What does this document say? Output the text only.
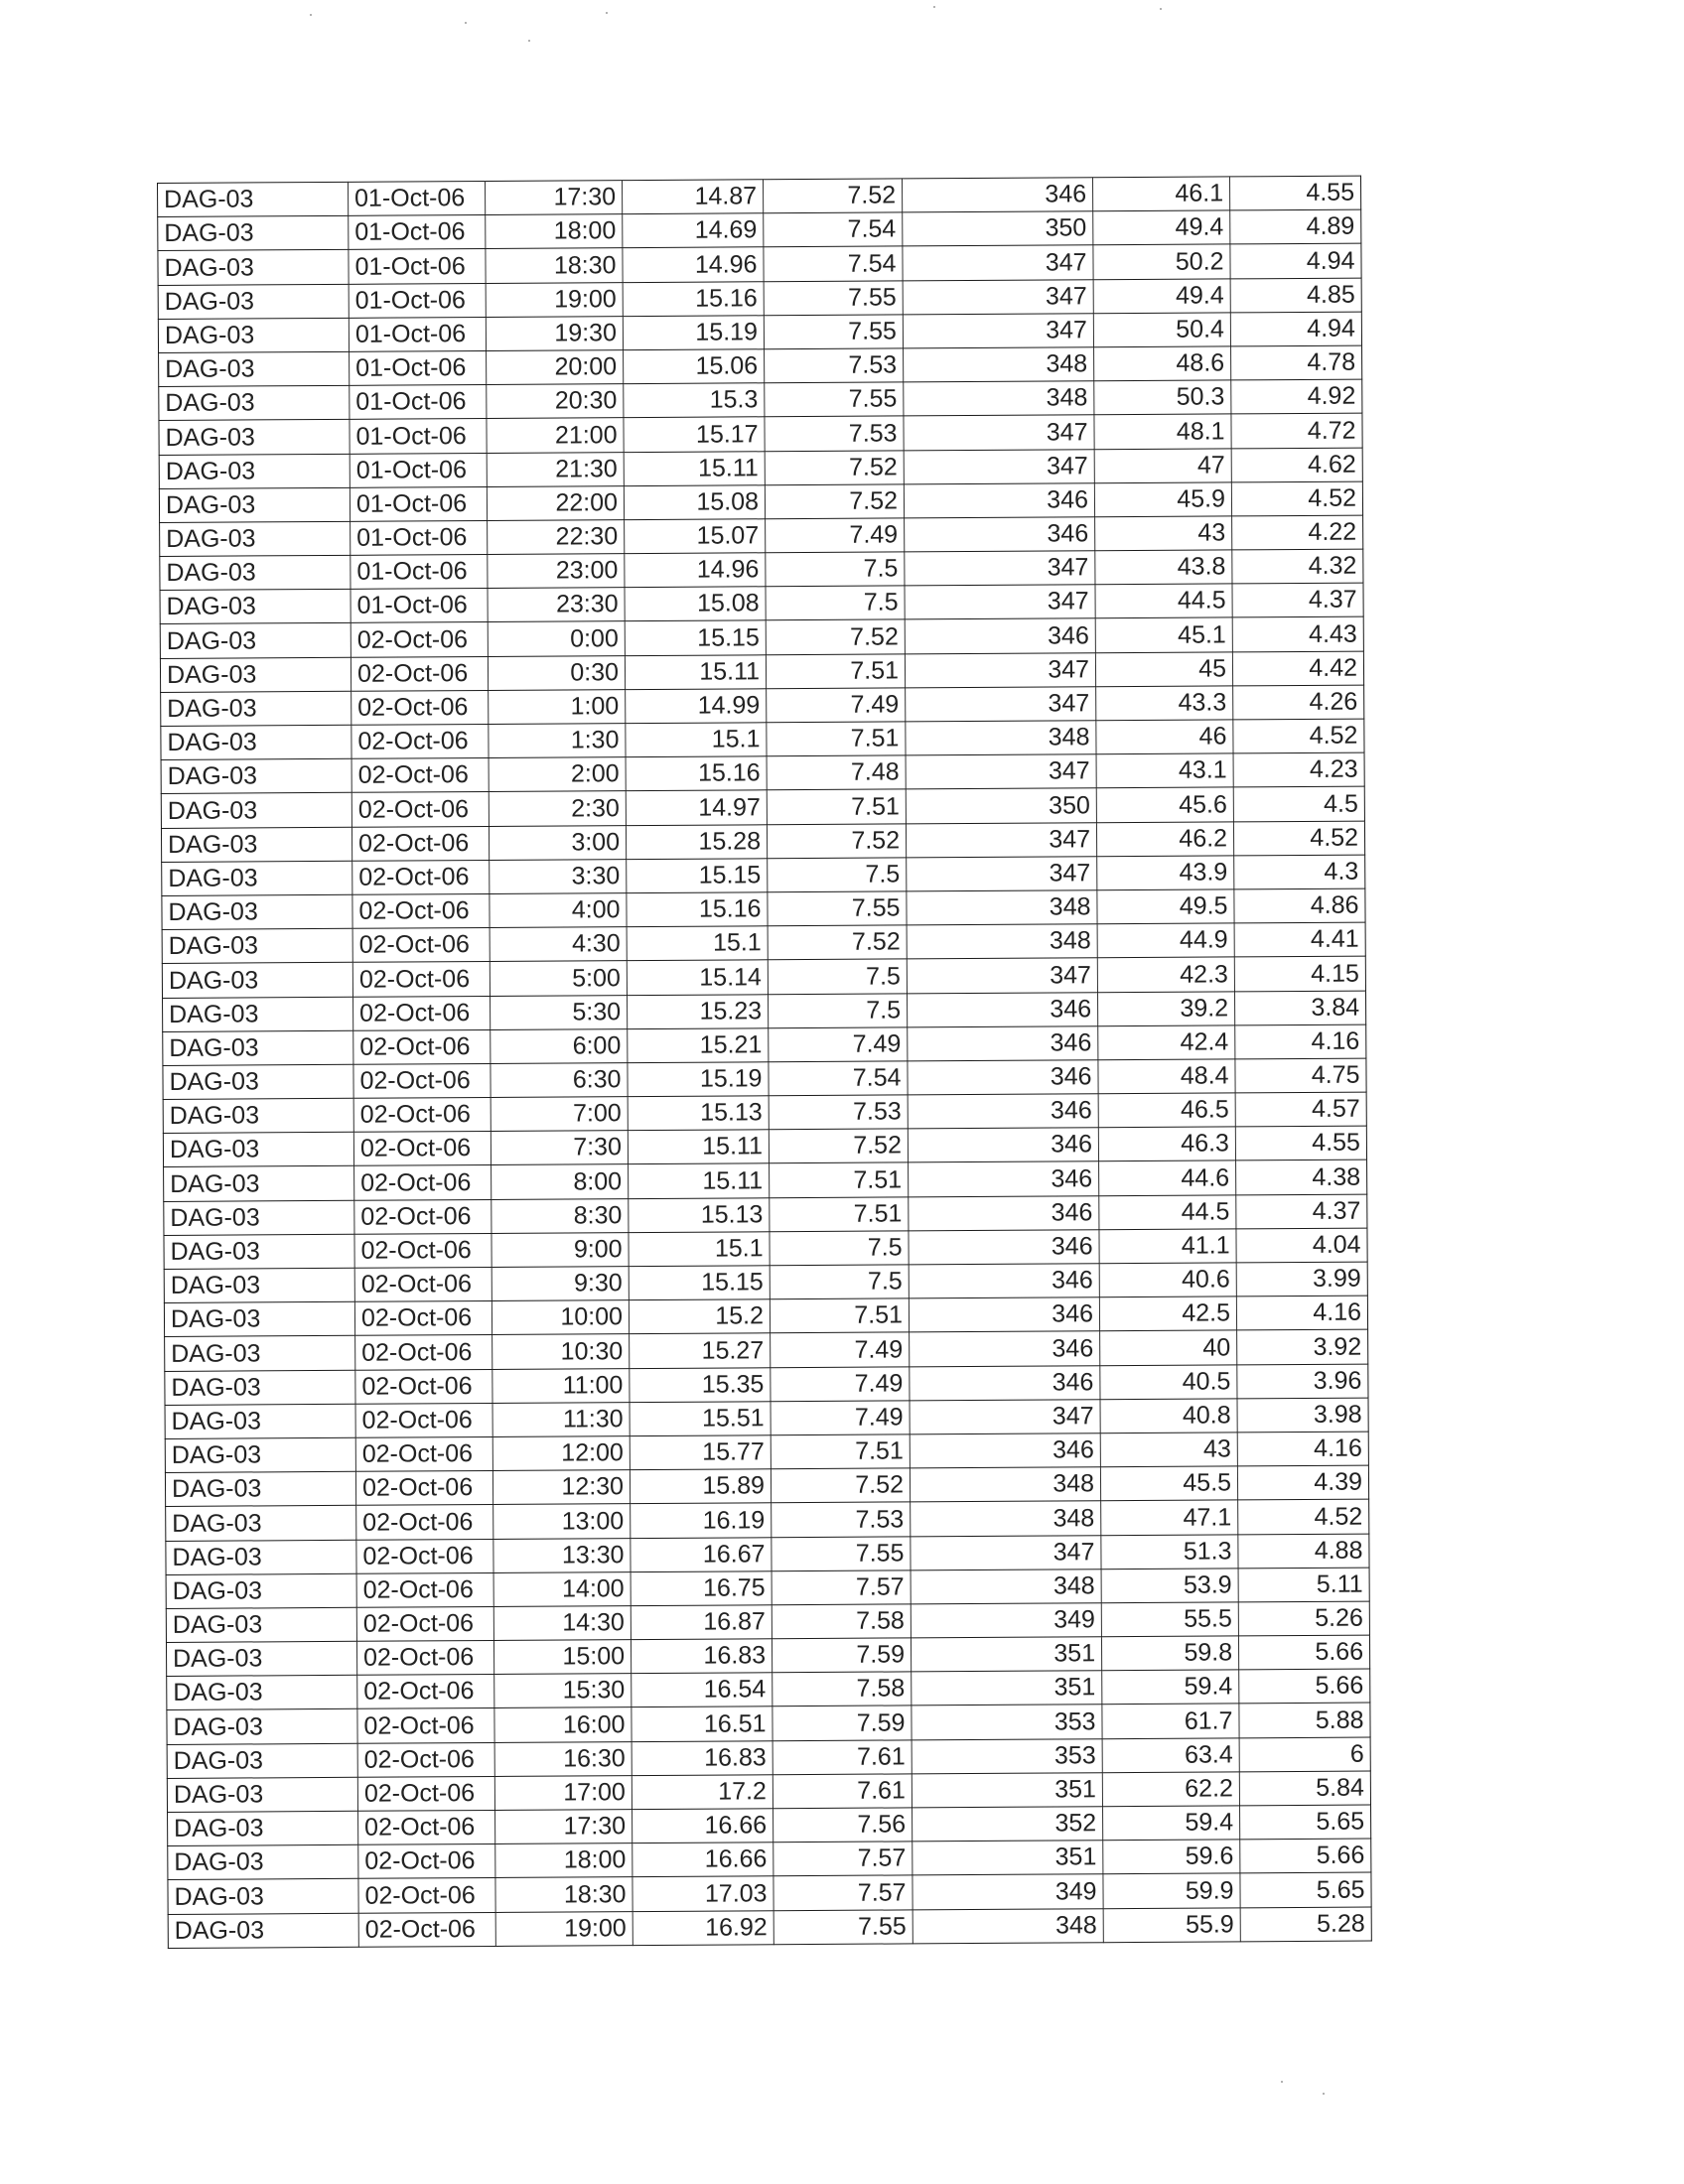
DAG-03	01-Oct-06	17:30	14.87	7.52	346	46.1	4.55
DAG-03	01-Oct-06	18:00	14.69	7.54	350	49.4	4.89
DAG-03	01-Oct-06	18:30	14.96	7.54	347	50.2	4.94
DAG-03	01-Oct-06	19:00	15.16	7.55	347	49.4	4.85
DAG-03	01-Oct-06	19:30	15.19	7.55	347	50.4	4.94
DAG-03	01-Oct-06	20:00	15.06	7.53	348	48.6	4.78
DAG-03	01-Oct-06	20:30	15.3	7.55	348	50.3	4.92
DAG-03	01-Oct-06	21:00	15.17	7.53	347	48.1	4.72
DAG-03	01-Oct-06	21:30	15.11	7.52	347	47	4.62
DAG-03	01-Oct-06	22:00	15.08	7.52	346	45.9	4.52
DAG-03	01-Oct-06	22:30	15.07	7.49	346	43	4.22
DAG-03	01-Oct-06	23:00	14.96	7.5	347	43.8	4.32
DAG-03	01-Oct-06	23:30	15.08	7.5	347	44.5	4.37
DAG-03	02-Oct-06	0:00	15.15	7.52	346	45.1	4.43
DAG-03	02-Oct-06	0:30	15.11	7.51	347	45	4.42
DAG-03	02-Oct-06	1:00	14.99	7.49	347	43.3	4.26
DAG-03	02-Oct-06	1:30	15.1	7.51	348	46	4.52
DAG-03	02-Oct-06	2:00	15.16	7.48	347	43.1	4.23
DAG-03	02-Oct-06	2:30	14.97	7.51	350	45.6	4.5
DAG-03	02-Oct-06	3:00	15.28	7.52	347	46.2	4.52
DAG-03	02-Oct-06	3:30	15.15	7.5	347	43.9	4.3
DAG-03	02-Oct-06	4:00	15.16	7.55	348	49.5	4.86
DAG-03	02-Oct-06	4:30	15.1	7.52	348	44.9	4.41
DAG-03	02-Oct-06	5:00	15.14	7.5	347	42.3	4.15
DAG-03	02-Oct-06	5:30	15.23	7.5	346	39.2	3.84
DAG-03	02-Oct-06	6:00	15.21	7.49	346	42.4	4.16
DAG-03	02-Oct-06	6:30	15.19	7.54	346	48.4	4.75
DAG-03	02-Oct-06	7:00	15.13	7.53	346	46.5	4.57
DAG-03	02-Oct-06	7:30	15.11	7.52	346	46.3	4.55
DAG-03	02-Oct-06	8:00	15.11	7.51	346	44.6	4.38
DAG-03	02-Oct-06	8:30	15.13	7.51	346	44.5	4.37
DAG-03	02-Oct-06	9:00	15.1	7.5	346	41.1	4.04
DAG-03	02-Oct-06	9:30	15.15	7.5	346	40.6	3.99
DAG-03	02-Oct-06	10:00	15.2	7.51	346	42.5	4.16
DAG-03	02-Oct-06	10:30	15.27	7.49	346	40	3.92
DAG-03	02-Oct-06	11:00	15.35	7.49	346	40.5	3.96
DAG-03	02-Oct-06	11:30	15.51	7.49	347	40.8	3.98
DAG-03	02-Oct-06	12:00	15.77	7.51	346	43	4.16
DAG-03	02-Oct-06	12:30	15.89	7.52	348	45.5	4.39
DAG-03	02-Oct-06	13:00	16.19	7.53	348	47.1	4.52
DAG-03	02-Oct-06	13:30	16.67	7.55	347	51.3	4.88
DAG-03	02-Oct-06	14:00	16.75	7.57	348	53.9	5.11
DAG-03	02-Oct-06	14:30	16.87	7.58	349	55.5	5.26
DAG-03	02-Oct-06	15:00	16.83	7.59	351	59.8	5.66
DAG-03	02-Oct-06	15:30	16.54	7.58	351	59.4	5.66
DAG-03	02-Oct-06	16:00	16.51	7.59	353	61.7	5.88
DAG-03	02-Oct-06	16:30	16.83	7.61	353	63.4	6
DAG-03	02-Oct-06	17:00	17.2	7.61	351	62.2	5.84
DAG-03	02-Oct-06	17:30	16.66	7.56	352	59.4	5.65
DAG-03	02-Oct-06	18:00	16.66	7.57	351	59.6	5.66
DAG-03	02-Oct-06	18:30	17.03	7.57	349	59.9	5.65
DAG-03	02-Oct-06	19:00	16.92	7.55	348	55.9	5.28
